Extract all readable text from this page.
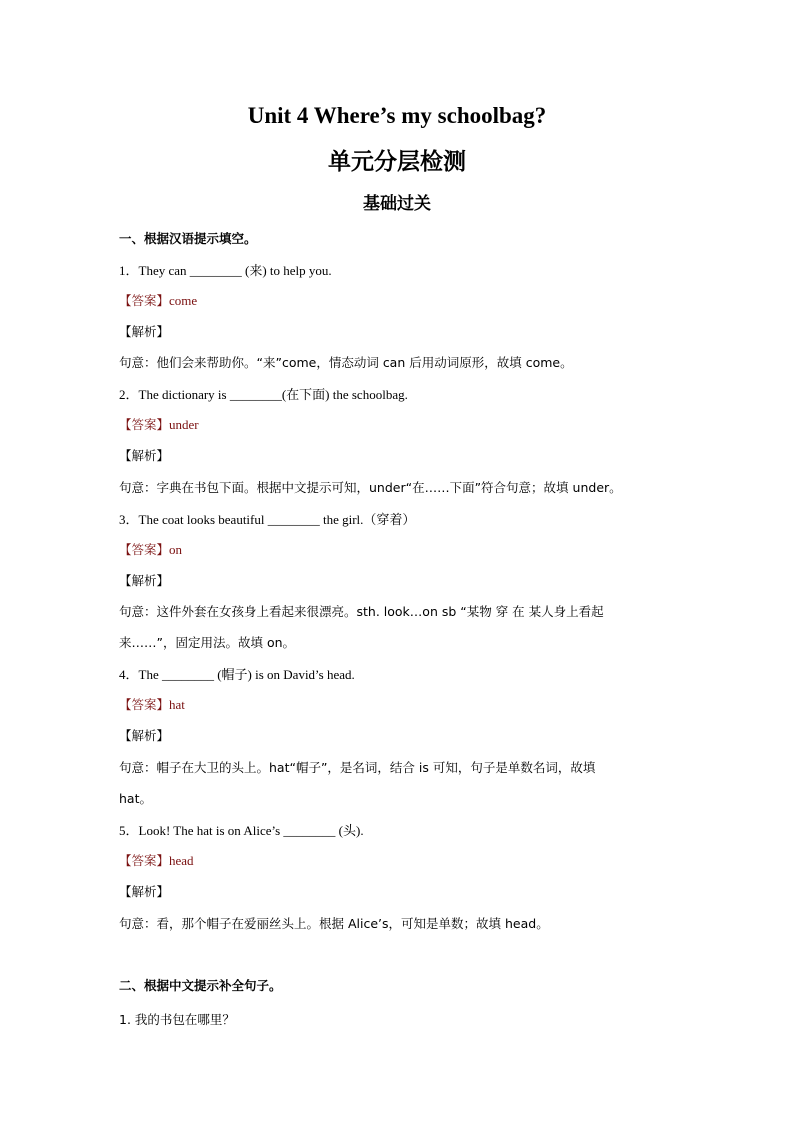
Unit 4 Where’s my schoolbag?
单元分层检测
基础过关
一、根据汉语提示填空。
1．They can ________ (来) to help you.
【答案】come
【解析】
句意：他们会来帮助你。“来”come，情态动词 can 后用动词原形，故填 come。
2．The dictionary is ________(在下面) the schoolbag.
【答案】under
【解析】
句意：字典在书包下面。根据中文提示可知，under“在……下面”符合句意；故填 under。
3．The coat looks beautiful ________ the girl.（穿着）
【答案】on
【解析】
句意：这件外套在女孩身上看起来很漂亮。sth. look…on sb “某物 穿 在 某人身上看起
来……”，固定用法。故填 on。
4．The ________ (帽子) is on David’s head.
【答案】hat
【解析】
句意：帽子在大卫的头上。hat“帽子”，是名词，结合 is 可知，句子是单数名词，故填
hat。
5．Look! The hat is on Alice’s ________ (头).
【答案】head
【解析】
句意：看，那个帽子在爱丽丝头上。根据 Alice’s，可知是单数；故填 head。
二、根据中文提示补全句子。
1. 我的书包在哪里？
